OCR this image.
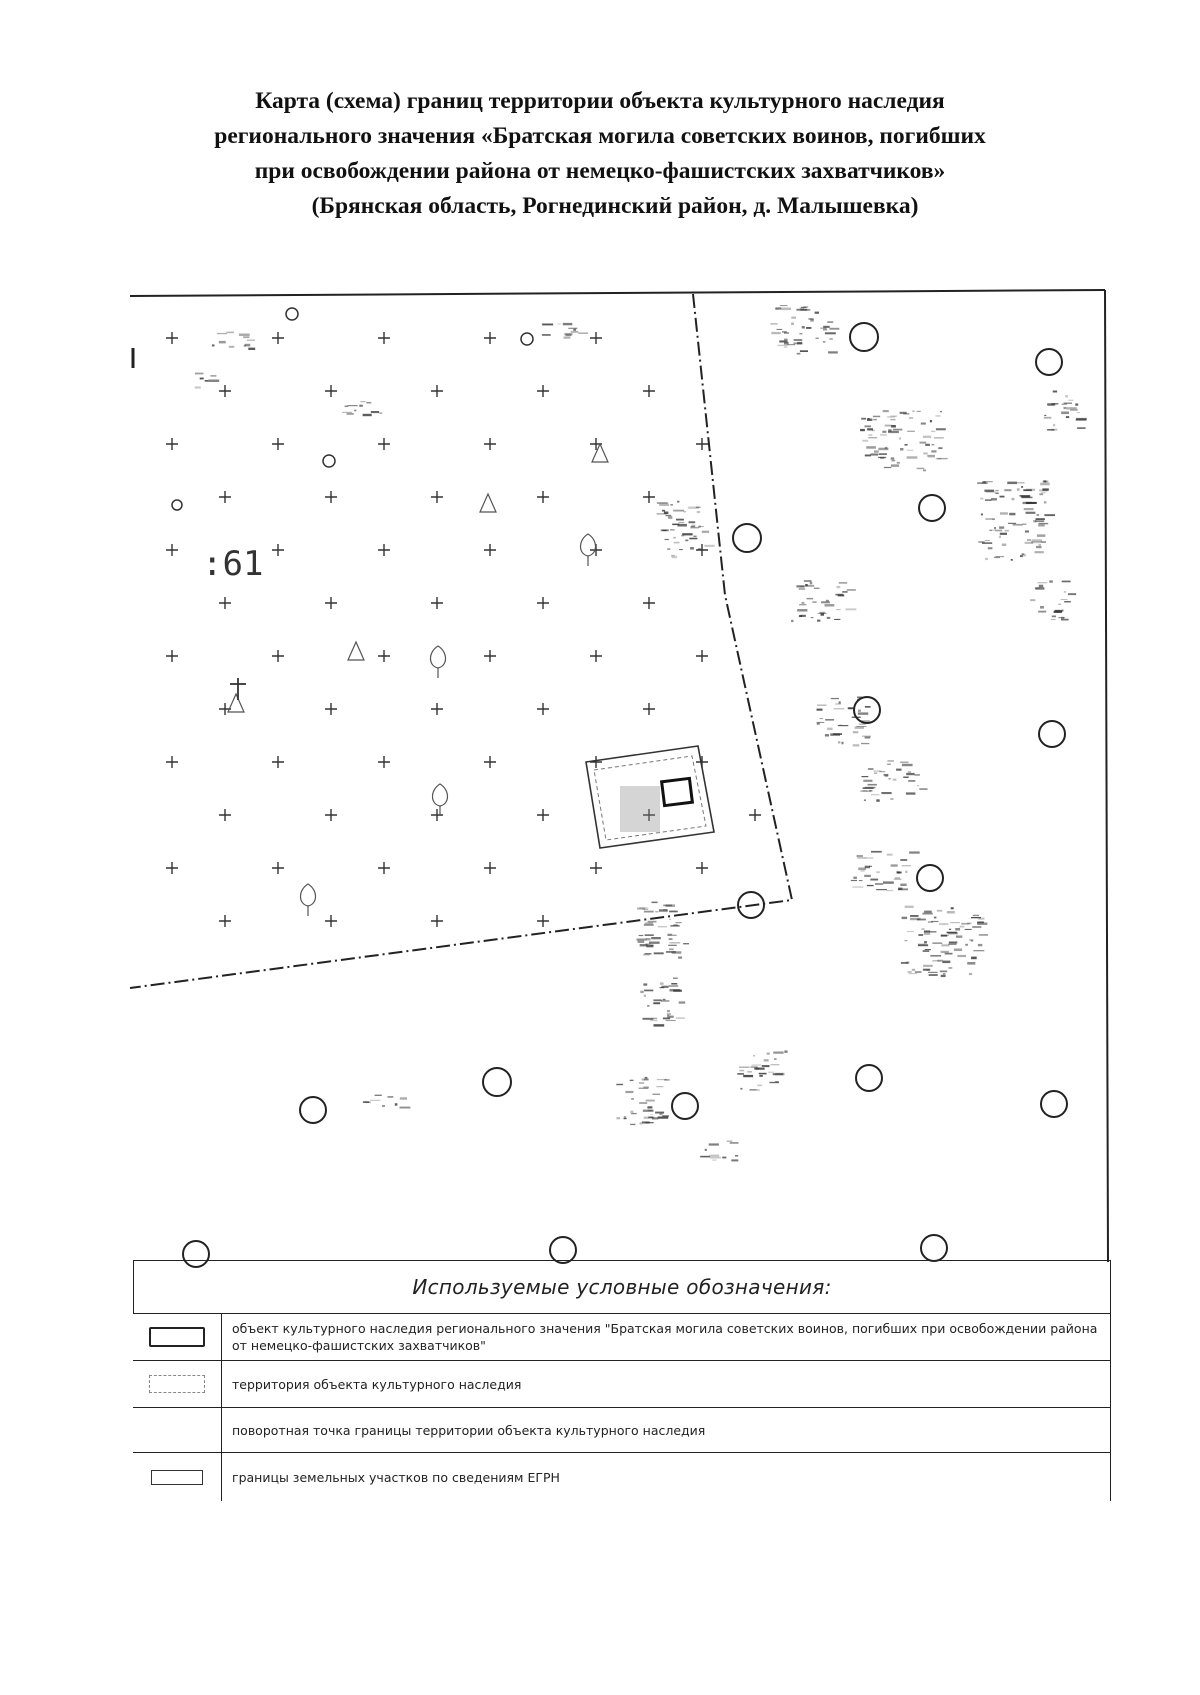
Карта (схема) границ территории объекта культурного наследия
регионального значения «Братская могила советских воинов, погибших
при освобождении района от немецко-фашистских захватчиков»
(Брянская область, Рогнединский район, д. Малышевка)
:61
Используемые условные обозначения:
объект культурного наследия регионального значения "Братская могила советских воинов, погибших при освобождении района от немецко-фашистских захватчиков"
территория объекта культурного наследия
поворотная точка границы территории объекта культурного наследия
границы земельных участков по сведениям ЕГРН
